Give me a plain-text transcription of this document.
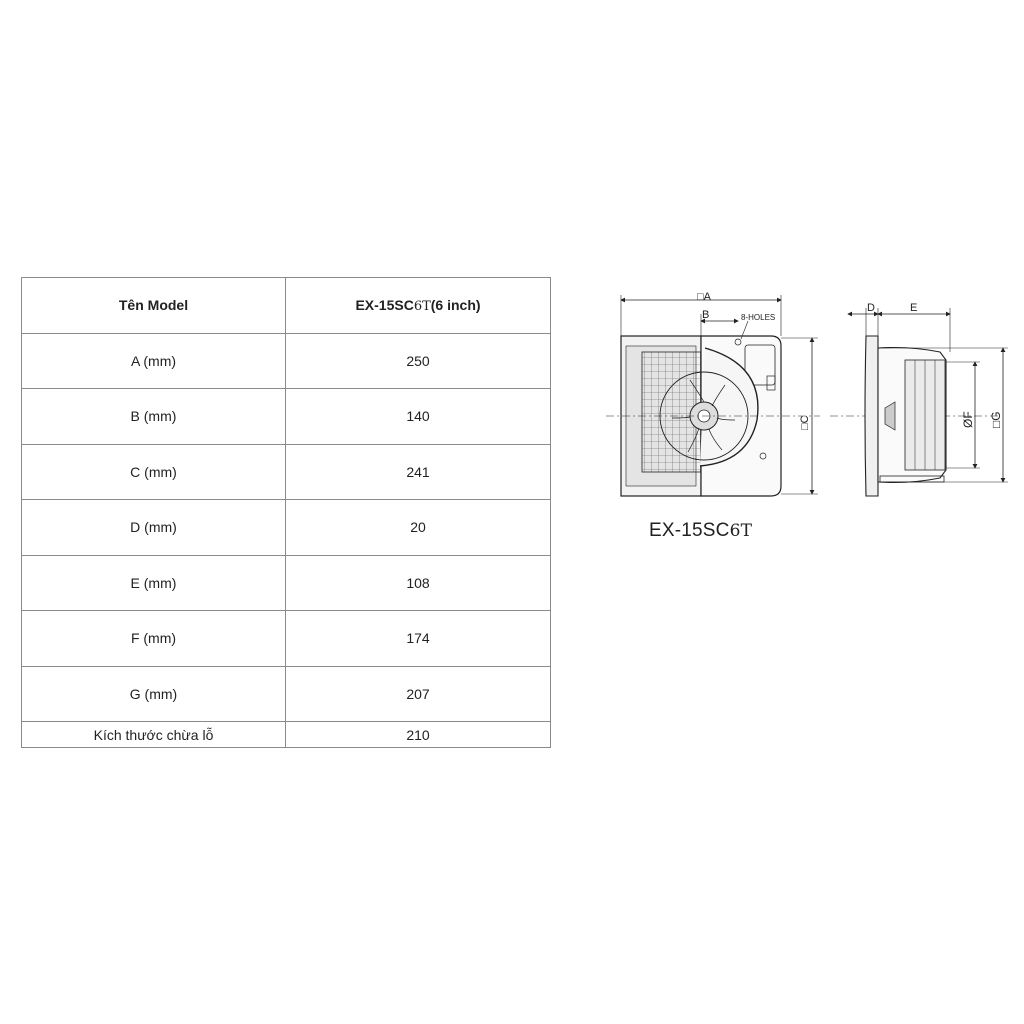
Tên Model	EX-15SC6T(6 inch)
A (mm)	250
B (mm)	140
C (mm)	241
D (mm)	20
E (mm)	108
F (mm)	174
G (mm)	207
Kích thước chừa lỗ	210
□A
B	8-HOLES
□C
D	E
ØF □G
EX-15SC6T
